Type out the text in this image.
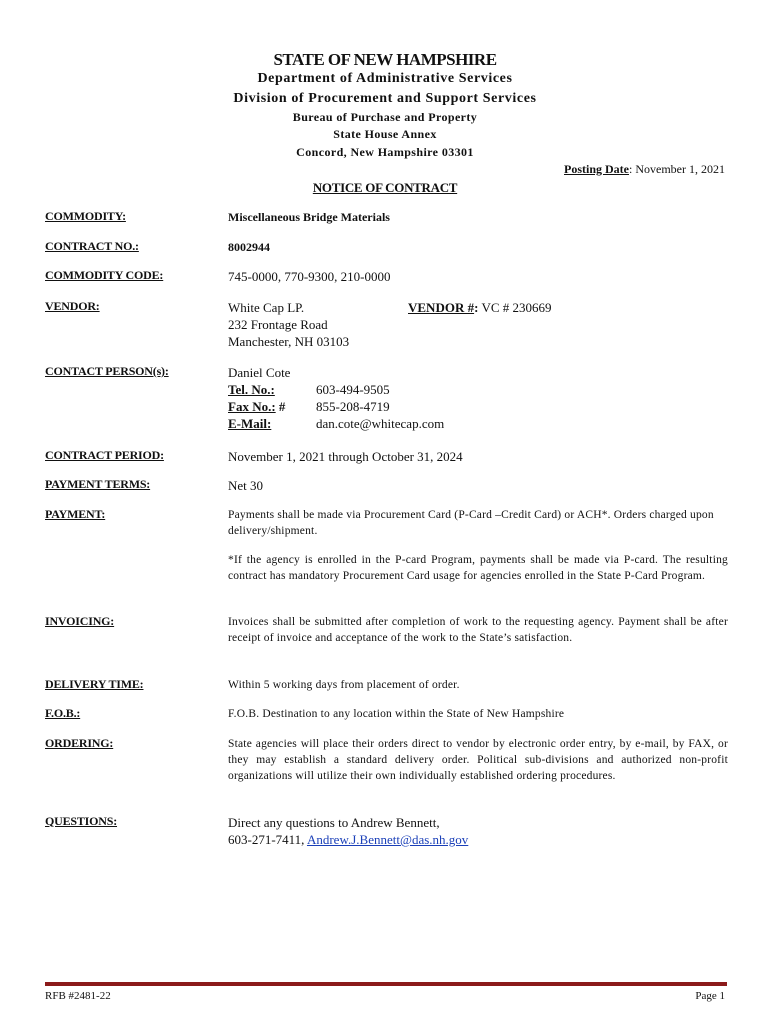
STATE OF NEW HAMPSHIRE
Department of Administrative Services
Division of Procurement and Support Services
Bureau of Purchase and Property
State House Annex
Concord, New Hampshire 03301
Posting Date: November 1, 2021
NOTICE OF CONTRACT
COMMODITY:	Miscellaneous Bridge Materials
CONTRACT NO.:	8002944
COMMODITY CODE:	745-0000, 770-9300, 210-0000
VENDOR:	White Cap LP.
232 Frontage Road
Manchester, NH 03103
VENDOR #: VC # 230669
CONTACT PERSON(s):	Daniel Cote
Tel. No.:	603-494-9505
Fax No.: # 855-208-4719
E-Mail:	dan.cote@whitecap.com
CONTRACT PERIOD:	November 1, 2021 through October 31, 2024
PAYMENT TERMS:	Net 30
PAYMENT:	Payments shall be made via Procurement Card (P-Card –Credit Card) or ACH*. Orders charged upon delivery/shipment.
*If the agency is enrolled in the P-card Program, payments shall be made via P-card. The resulting contract has mandatory Procurement Card usage for agencies enrolled in the State P-Card Program.
INVOICING:	Invoices shall be submitted after completion of work to the requesting agency. Payment shall be after receipt of invoice and acceptance of the work to the State’s satisfaction.
DELIVERY TIME:	Within 5 working days from placement of order.
F.O.B.:	F.O.B. Destination to any location within the State of New Hampshire
ORDERING:	State agencies will place their orders direct to vendor by electronic order entry, by e-mail, by FAX, or they may establish a standard delivery order. Political sub-divisions and authorized non-profit organizations will utilize their own individually established ordering procedures.
QUESTIONS:	Direct any questions to Andrew Bennett,
603-271-7411, Andrew.J.Bennett@das.nh.gov
RFB #2481-22	Page 1
